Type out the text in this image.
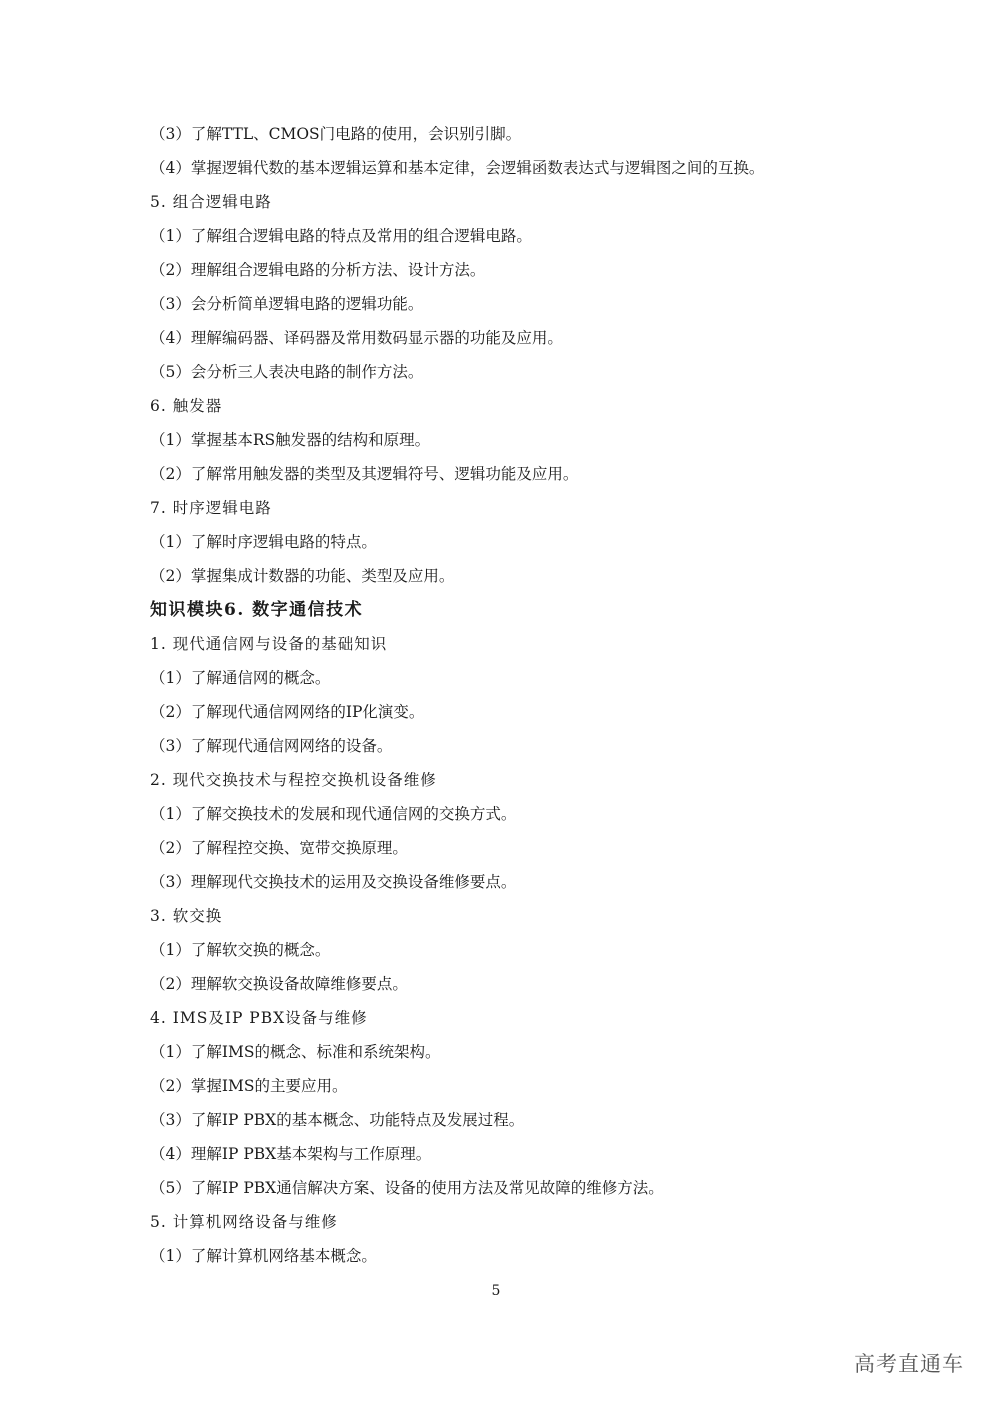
（3）了解TTL、CMOS门电路的使用，会识别引脚。
（4）掌握逻辑代数的基本逻辑运算和基本定律，会逻辑函数表达式与逻辑图之间的互换。
5. 组合逻辑电路
（1）了解组合逻辑电路的特点及常用的组合逻辑电路。
（2）理解组合逻辑电路的分析方法、设计方法。
（3）会分析简单逻辑电路的逻辑功能。
（4）理解编码器、译码器及常用数码显示器的功能及应用。
（5）会分析三人表决电路的制作方法。
6. 触发器
（1）掌握基本RS触发器的结构和原理。
（2）了解常用触发器的类型及其逻辑符号、逻辑功能及应用。
7. 时序逻辑电路
（1）了解时序逻辑电路的特点。
（2）掌握集成计数器的功能、类型及应用。
知识模块6. 数字通信技术
1. 现代通信网与设备的基础知识
（1）了解通信网的概念。
（2）了解现代通信网网络的IP化演变。
（3）了解现代通信网网络的设备。
2. 现代交换技术与程控交换机设备维修
（1）了解交换技术的发展和现代通信网的交换方式。
（2）了解程控交换、宽带交换原理。
（3）理解现代交换技术的运用及交换设备维修要点。
3. 软交换
（1）了解软交换的概念。
（2）理解软交换设备故障维修要点。
4. IMS及IP PBX设备与维修
（1）了解IMS的概念、标准和系统架构。
（2）掌握IMS的主要应用。
（3）了解IP PBX的基本概念、功能特点及发展过程。
（4）理解IP PBX基本架构与工作原理。
（5）了解IP PBX通信解决方案、设备的使用方法及常见故障的维修方法。
5. 计算机网络设备与维修
（1）了解计算机网络基本概念。
5
高考直通车
